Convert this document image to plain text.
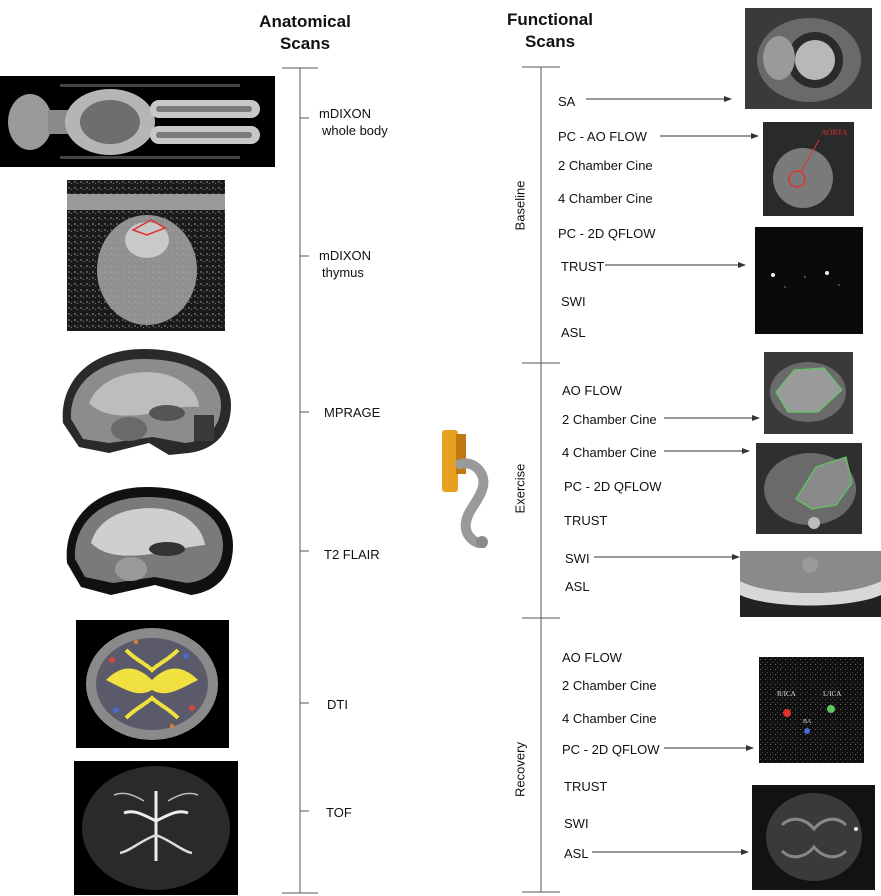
Anatomical
Scans
Functional
Scans
mDIXON
whole body
mDIXON
thymus
MPRAGE
T2 FLAIR
DTI
TOF
Baseline
Exercise
Recovery
SA
PC - AO FLOW
2 Chamber Cine
4 Chamber Cine
PC - 2D QFLOW
TRUST
SWI
ASL
AO FLOW
2 Chamber Cine
4 Chamber Cine
PC - 2D QFLOW
TRUST
SWI
ASL
AO FLOW
2 Chamber Cine
4 Chamber Cine
PC - 2D QFLOW
TRUST
SWI
ASL
AORTA
R/ICA	L/ICA
BA
